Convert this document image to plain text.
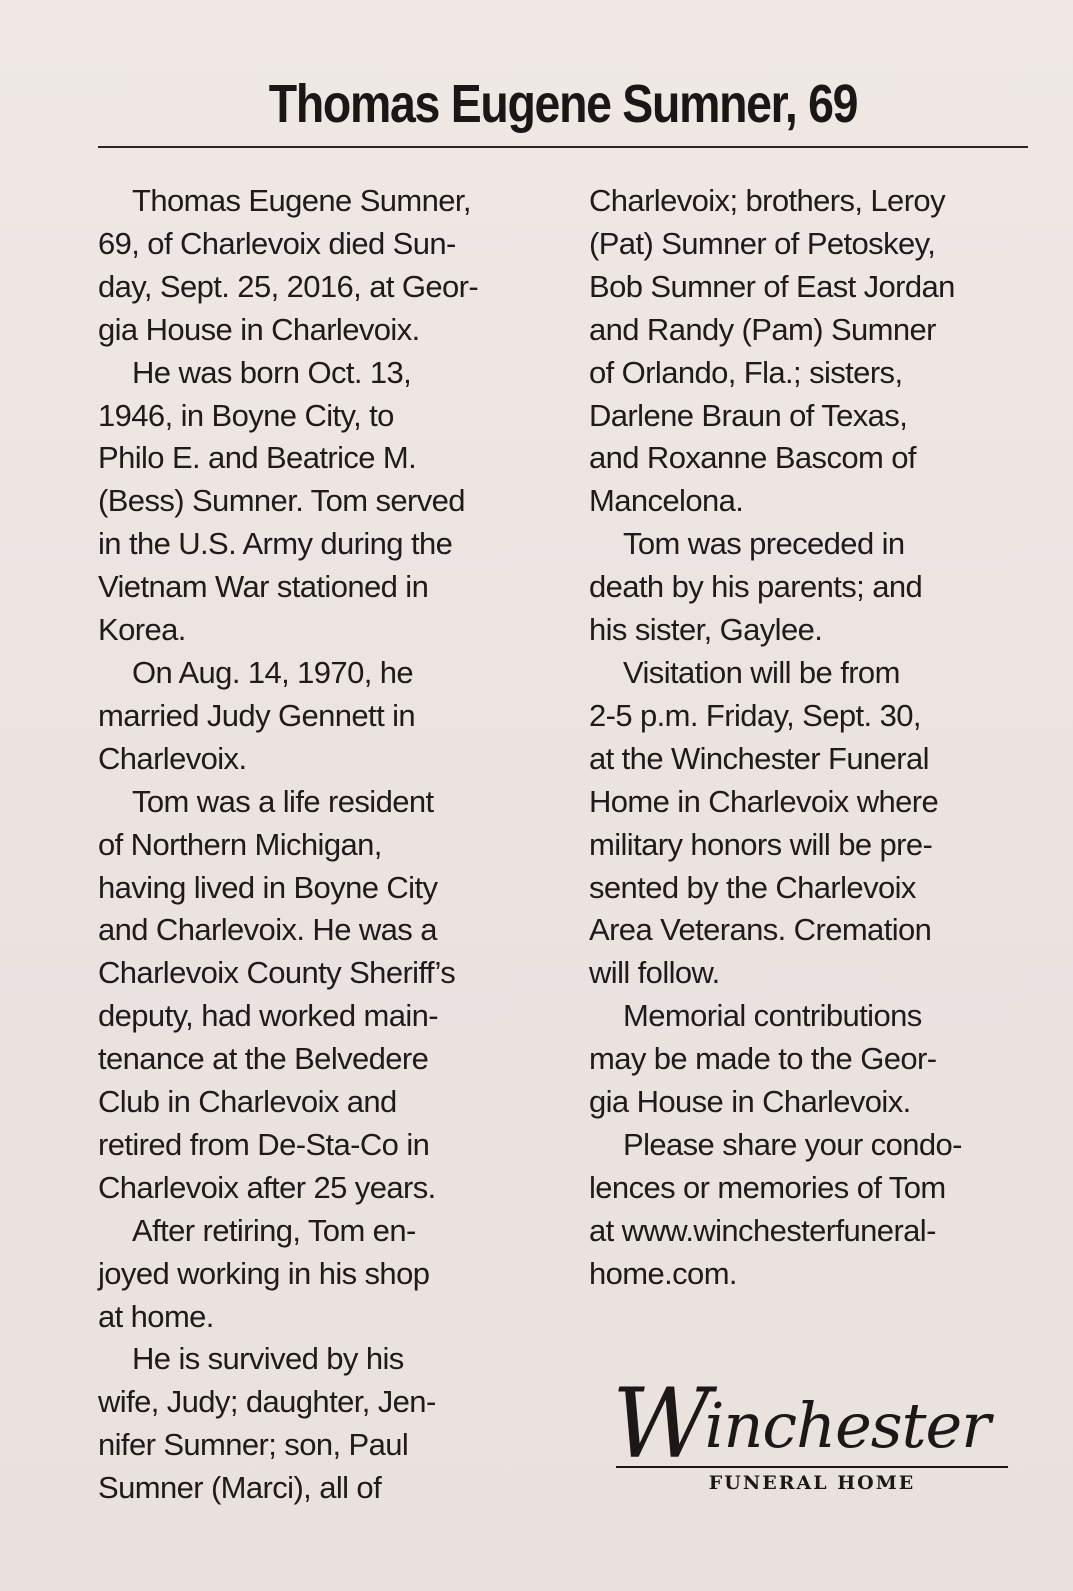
Thomas Eugene Sumner, 69

Thomas Eugene Sumner,
69, of Charlevoix died Sun-
day, Sept. 25, 2016, at Geor-
gia House in Charlevoix.

He was born Oct. 13,
1946, in Boyne City, to
Philo E. and Beatrice M.
(Bess) Sumner. Tom served
in the U.S. Army during the
Vietnam War stationed in
Korea.

On Aug. 14, 1970, he
married Judy Gennett in
Charlevoix.

Tom was a life resident
of Northern Michigan,
having lived in Boyne City
and Charlevoix. He was a
Charlevoix County Sheriff’s
deputy, had worked main-
tenance at the Belvedere
Club in Charlevoix and
retired from De-Sta-Co in
Charlevoix after 25 years.

After retiring, Tom en-
joyed working in his shop
at home.

He is survived by his
wife, Judy; daughter, Jen-
nifer Sumner; son, Paul
Sumner (Marci), all of

Charlevoix; brothers, Leroy
(Pat) Sumner of Petoskey,
Bob Sumner of East Jordan
and Randy (Pam) Sumner
of Orlando, Fla.; sisters,
Darlene Braun of Texas,
and Roxanne Bascom of
Mancelona.

Tom was preceded in
death by his parents; and
his sister, Gaylee.

Visitation will be from
2-5 p.m. Friday, Sept. 30,
at the Winchester Funeral
Home in Charlevoix where
military honors will be pre-
sented by the Charlevoix
Area Veterans. Cremation
will follow.

Memorial contributions
may be made to the Geor-
gia House in Charlevoix.

Please share your condo-
lences or memories of Tom
at www.winchesterfuneral-
home.com.

Winchester
FUNERAL HOME
